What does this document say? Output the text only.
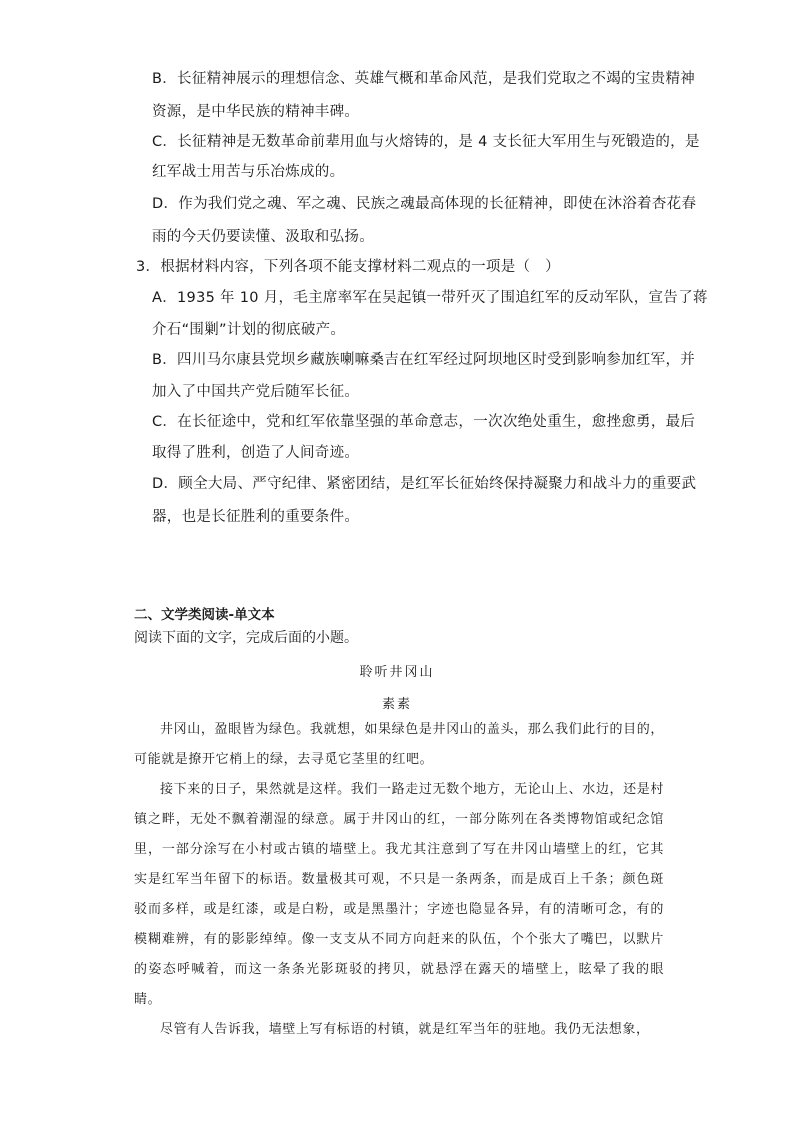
B．长征精神展示的理想信念、英雄气概和革命风范，是我们党取之不竭的宝贵精神
资源，是中华民族的精神丰碑。
C．长征精神是无数革命前辈用血与火熔铸的，是 4 支长征大军用生与死锻造的，是
红军战士用苦与乐冶炼成的。
D．作为我们党之魂、军之魂、民族之魂最高体现的长征精神，即使在沐浴着杏花春
雨的今天仍要读懂、汲取和弘扬。
3．根据材料内容，下列各项不能支撑材料二观点的一项是（　）
A．1935 年 10 月，毛主席率军在吴起镇一带歼灭了围追红军的反动军队，宣告了蒋
介石“围剿”计划的彻底破产。
B．四川马尔康县党坝乡藏族喇嘛桑吉在红军经过阿坝地区时受到影响参加红军，并
加入了中国共产党后随军长征。
C．在长征途中，党和红军依靠坚强的革命意志，一次次绝处重生，愈挫愈勇，最后
取得了胜利，创造了人间奇迹。
D．顾全大局、严守纪律、紧密团结，是红军长征始终保持凝聚力和战斗力的重要武
器，也是长征胜利的重要条件。
二、文学类阅读-单文本
阅读下面的文字，完成后面的小题。
聆听井冈山
素素

井冈山，盈眼皆为绿色。我就想，如果绿色是井冈山的盖头，那么我们此行的目的，可能就是撩开它梢上的绿，去寻觅它茎里的红吧。

接下来的日子，果然就是这样。我们一路走过无数个地方，无论山上、水边，还是村镇之畔，无处不飘着潮湿的绿意。属于井冈山的红，一部分陈列在各类博物馆或纪念馆里，一部分涂写在小村或古镇的墙壁上。我尤其注意到了写在井冈山墙壁上的红，它其实是红军当年留下的标语。数量极其可观，不只是一条两条，而是成百上千条；颜色斑驳而多样，或是红漆，或是白粉，或是黑墨汁；字迹也隐显各异，有的清晰可念，有的模糊难辨，有的影影绰绰。像一支支从不同方向赶来的队伍，个个张大了嘴巴，以默片的姿态呼喊着，而这一条条光影斑驳的拷贝，就悬浮在露天的墙壁上，眩晕了我的眼睛。

尽管有人告诉我，墙壁上写有标语的村镇，就是红军当年的驻地。我仍无法想象，
